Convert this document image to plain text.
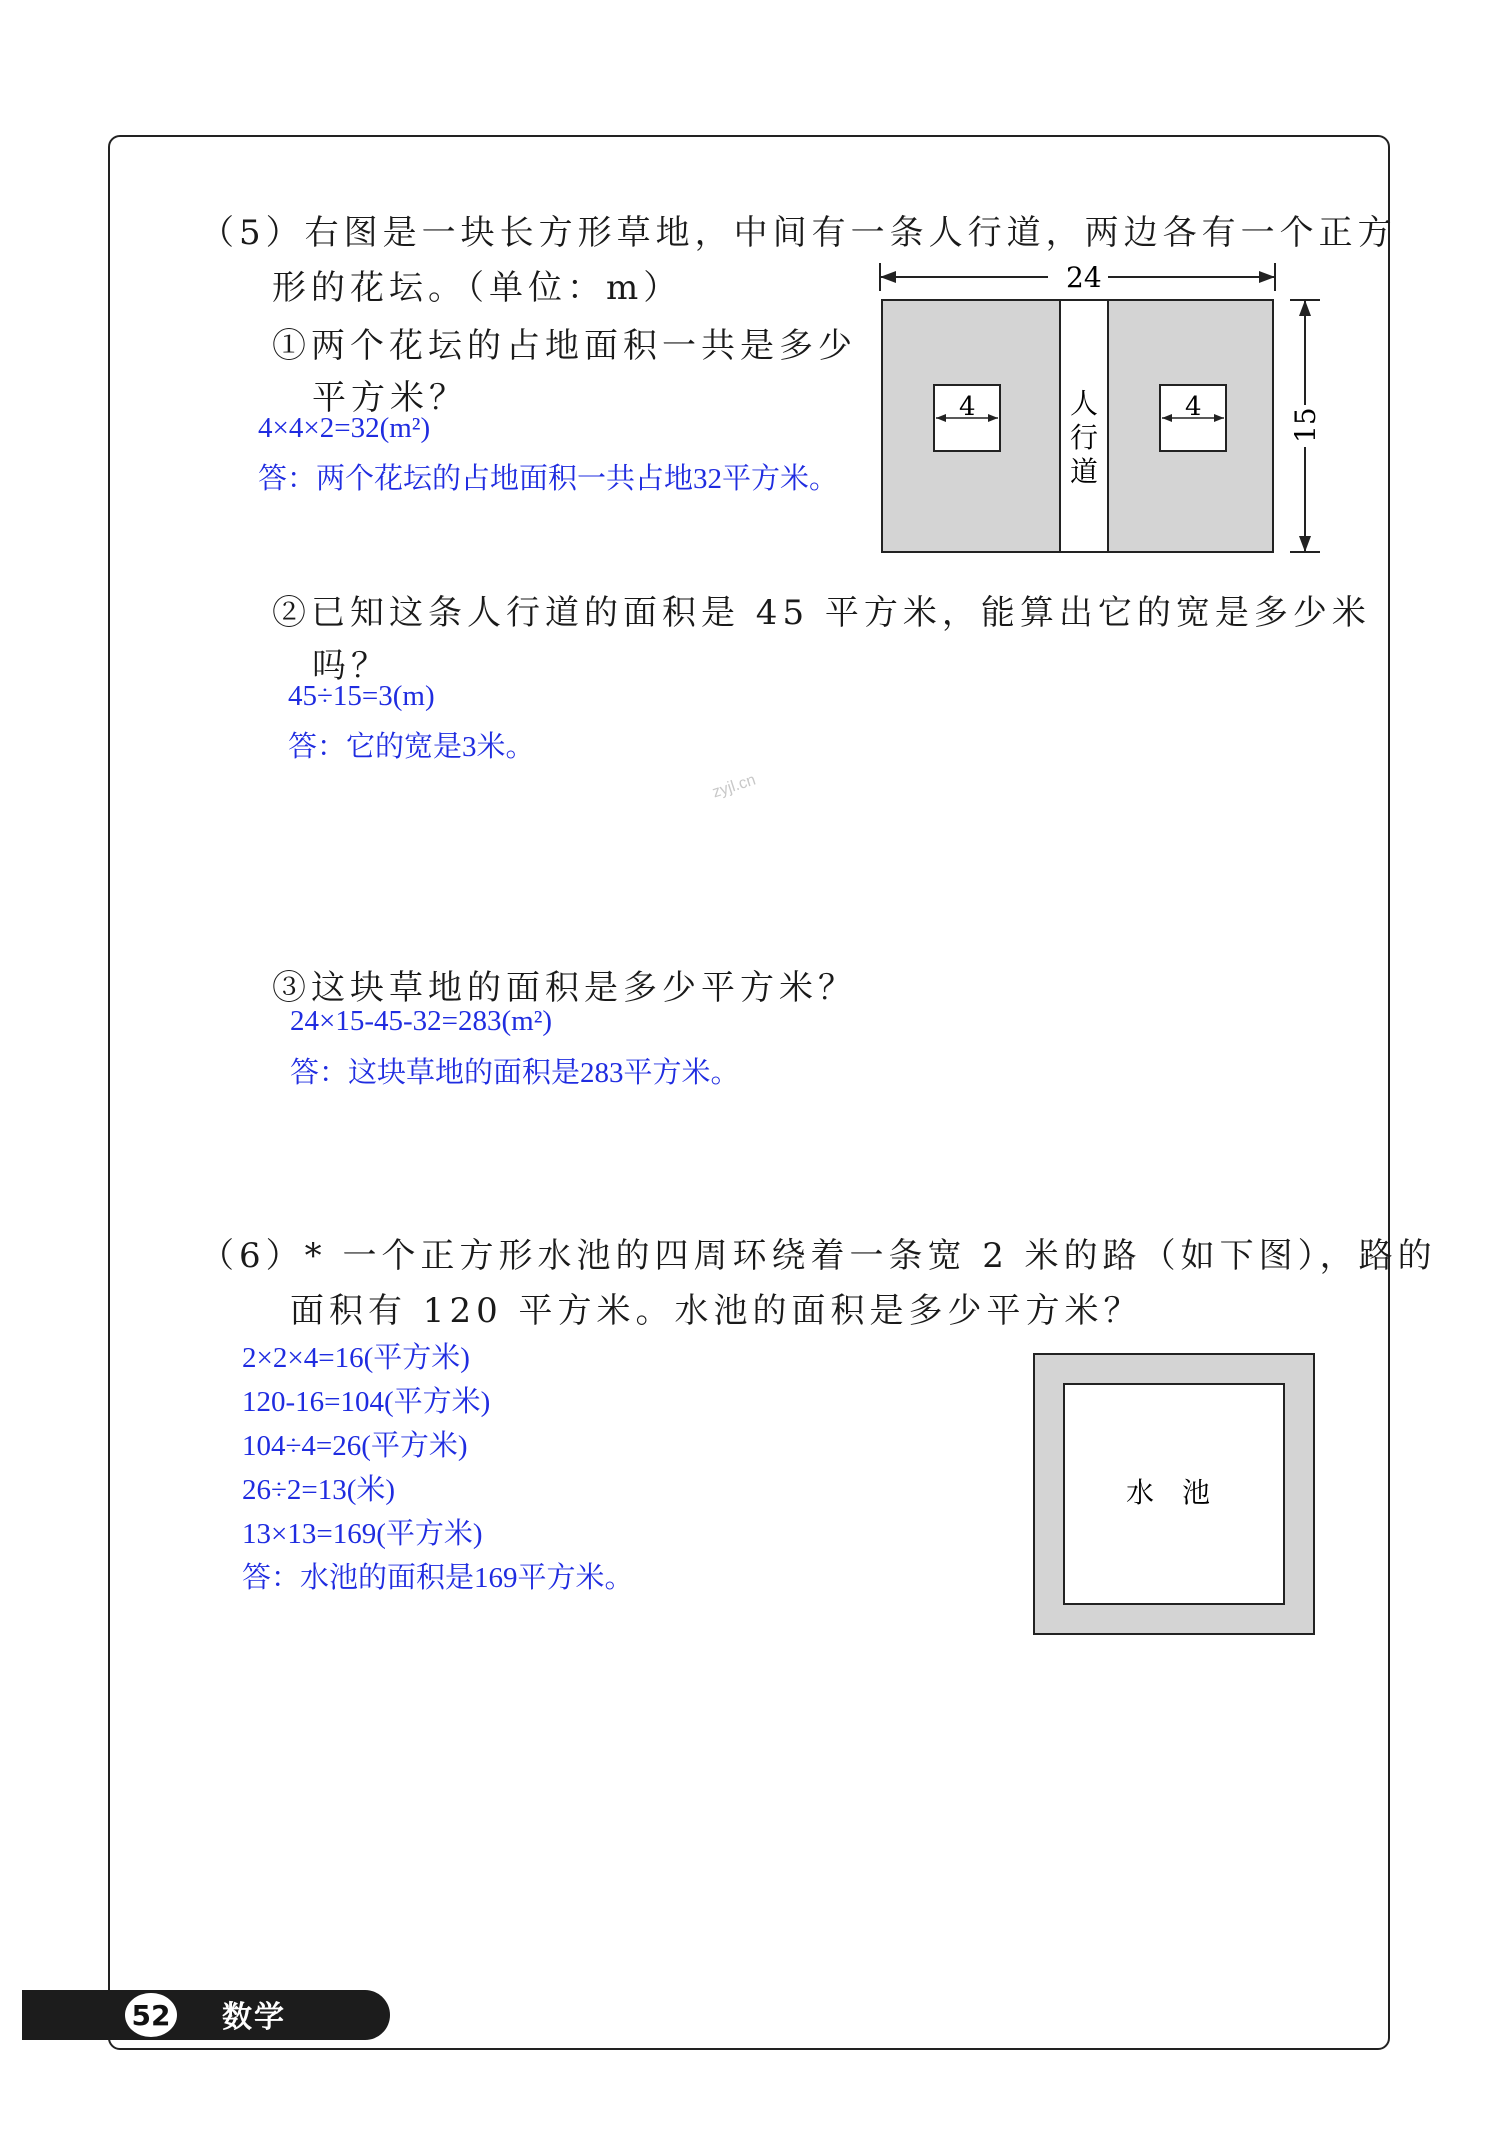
（5）右图是一块长方形草地，中间有一条人行道，两边各有一个正方
形的花坛。（单位：m）
①两个花坛的占地面积一共是多少
平方米？
4×4×2=32(m²)
答：两个花坛的占地面积一共占地32平方米。
24
人
行
道
4	4
15
②已知这条人行道的面积是 45 平方米，能算出它的宽是多少米
吗？
45÷15=3(m)
答：它的宽是3米。
zyjl.cn
③这块草地的面积是多少平方米？
24×15-45-32=283(m²)
答：这块草地的面积是283平方米。
（6）* 一个正方形水池的四周环绕着一条宽 2 米的路（如下图），路的
面积有 120 平方米。水池的面积是多少平方米？
2×2×4=16(平方米)
120-16=104(平方米)
104÷4=26(平方米)
26÷2=13(米)
13×13=169(平方米)
答：水池的面积是169平方米。
水　池
52	数学
